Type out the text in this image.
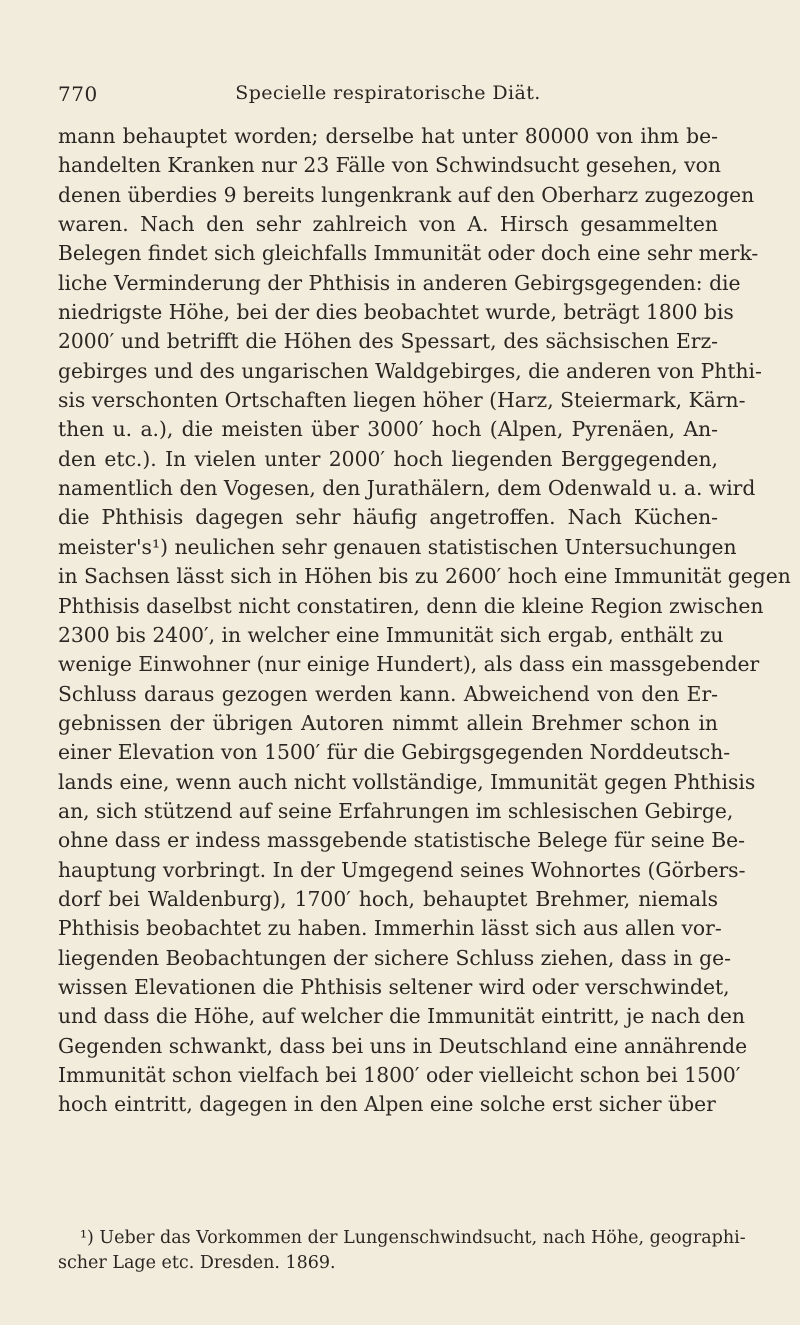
770	Specielle respiratorische Diät.
mann behauptet worden; derselbe hat unter 80000 von ihm be-
handelten Kranken nur 23 Fälle von Schwindsucht gesehen, von
denen überdies 9 bereits lungenkrank auf den Oberharz zugezogen
waren. Nach den sehr zahlreich von A. Hirsch gesammelten
Belegen findet sich gleichfalls Immunität oder doch eine sehr merk-
liche Verminderung der Phthisis in anderen Gebirgsgegenden: die
niedrigste Höhe, bei der dies beobachtet wurde, beträgt 1800 bis
2000′ und betrifft die Höhen des Spessart, des sächsischen Erz-
gebirges und des ungarischen Waldgebirges, die anderen von Phthi-
sis verschonten Ortschaften liegen höher (Harz, Steiermark, Kärn-
then u. a.), die meisten über 3000′ hoch (Alpen, Pyrenäen, An-
den etc.). In vielen unter 2000′ hoch liegenden Berggegenden,
namentlich den Vogesen, den Jurathälern, dem Odenwald u. a. wird
die Phthisis dagegen sehr häufig angetroffen. Nach Küchen-
meister's¹) neulichen sehr genauen statistischen Untersuchungen
in Sachsen lässt sich in Höhen bis zu 2600′ hoch eine Immunität gegen
Phthisis daselbst nicht constatiren, denn die kleine Region zwischen
2300 bis 2400′, in welcher eine Immunität sich ergab, enthält zu
wenige Einwohner (nur einige Hundert), als dass ein massgebender
Schluss daraus gezogen werden kann. Abweichend von den Er-
gebnissen der übrigen Autoren nimmt allein Brehmer schon in
einer Elevation von 1500′ für die Gebirgsgegenden Norddeutsch-
lands eine, wenn auch nicht vollständige, Immunität gegen Phthisis
an, sich stützend auf seine Erfahrungen im schlesischen Gebirge,
ohne dass er indess massgebende statistische Belege für seine Be-
hauptung vorbringt. In der Umgegend seines Wohnortes (Görbers-
dorf bei Waldenburg), 1700′ hoch, behauptet Brehmer, niemals
Phthisis beobachtet zu haben. Immerhin lässt sich aus allen vor-
liegenden Beobachtungen der sichere Schluss ziehen, dass in ge-
wissen Elevationen die Phthisis seltener wird oder verschwindet,
und dass die Höhe, auf welcher die Immunität eintritt, je nach den
Gegenden schwankt, dass bei uns in Deutschland eine annährende
Immunität schon vielfach bei 1800′ oder vielleicht schon bei 1500′
hoch eintritt, dagegen in den Alpen eine solche erst sicher über
¹) Ueber das Vorkommen der Lungenschwindsucht, nach Höhe, geographi-
scher Lage etc. Dresden. 1869.
